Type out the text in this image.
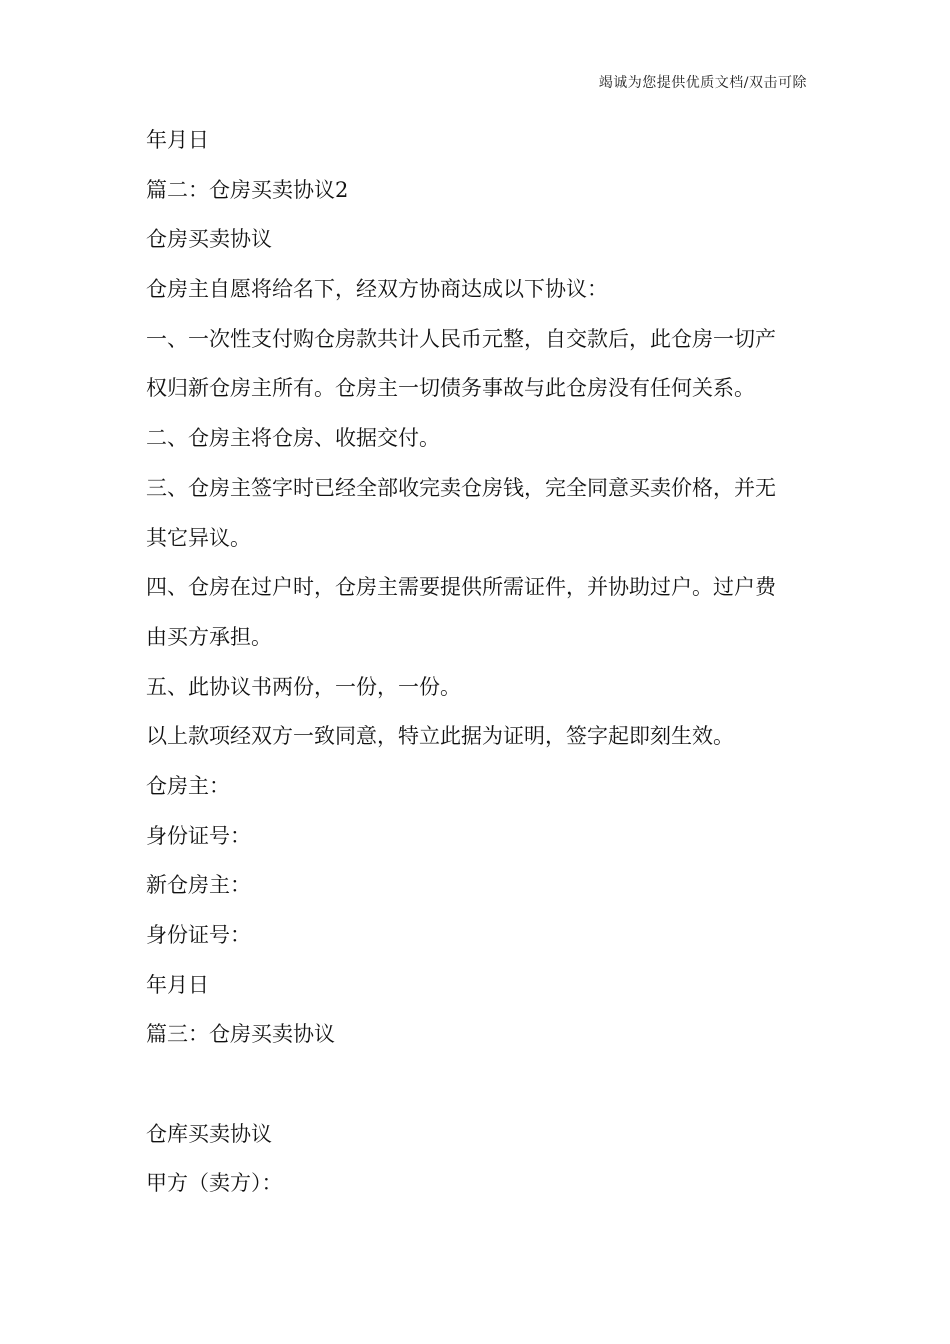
竭诚为您提供优质文档/双击可除
年月日
篇二：仓房买卖协议2
仓房买卖协议
仓房主自愿将给名下，经双方协商达成以下协议：
一、一次性支付购仓房款共计人民币元整，自交款后，此仓房一切产
权归新仓房主所有。仓房主一切债务事故与此仓房没有任何关系。
二、仓房主将仓房、收据交付。
三、仓房主签字时已经全部收完卖仓房钱，完全同意买卖价格，并无
其它异议。
四、仓房在过户时，仓房主需要提供所需证件，并协助过户。过户费
由买方承担。
五、此协议书两份，一份，一份。
以上款项经双方一致同意，特立此据为证明，签字起即刻生效。
仓房主：
身份证号：
新仓房主：
身份证号：
年月日
篇三：仓房买卖协议
仓库买卖协议
甲方（卖方）：
